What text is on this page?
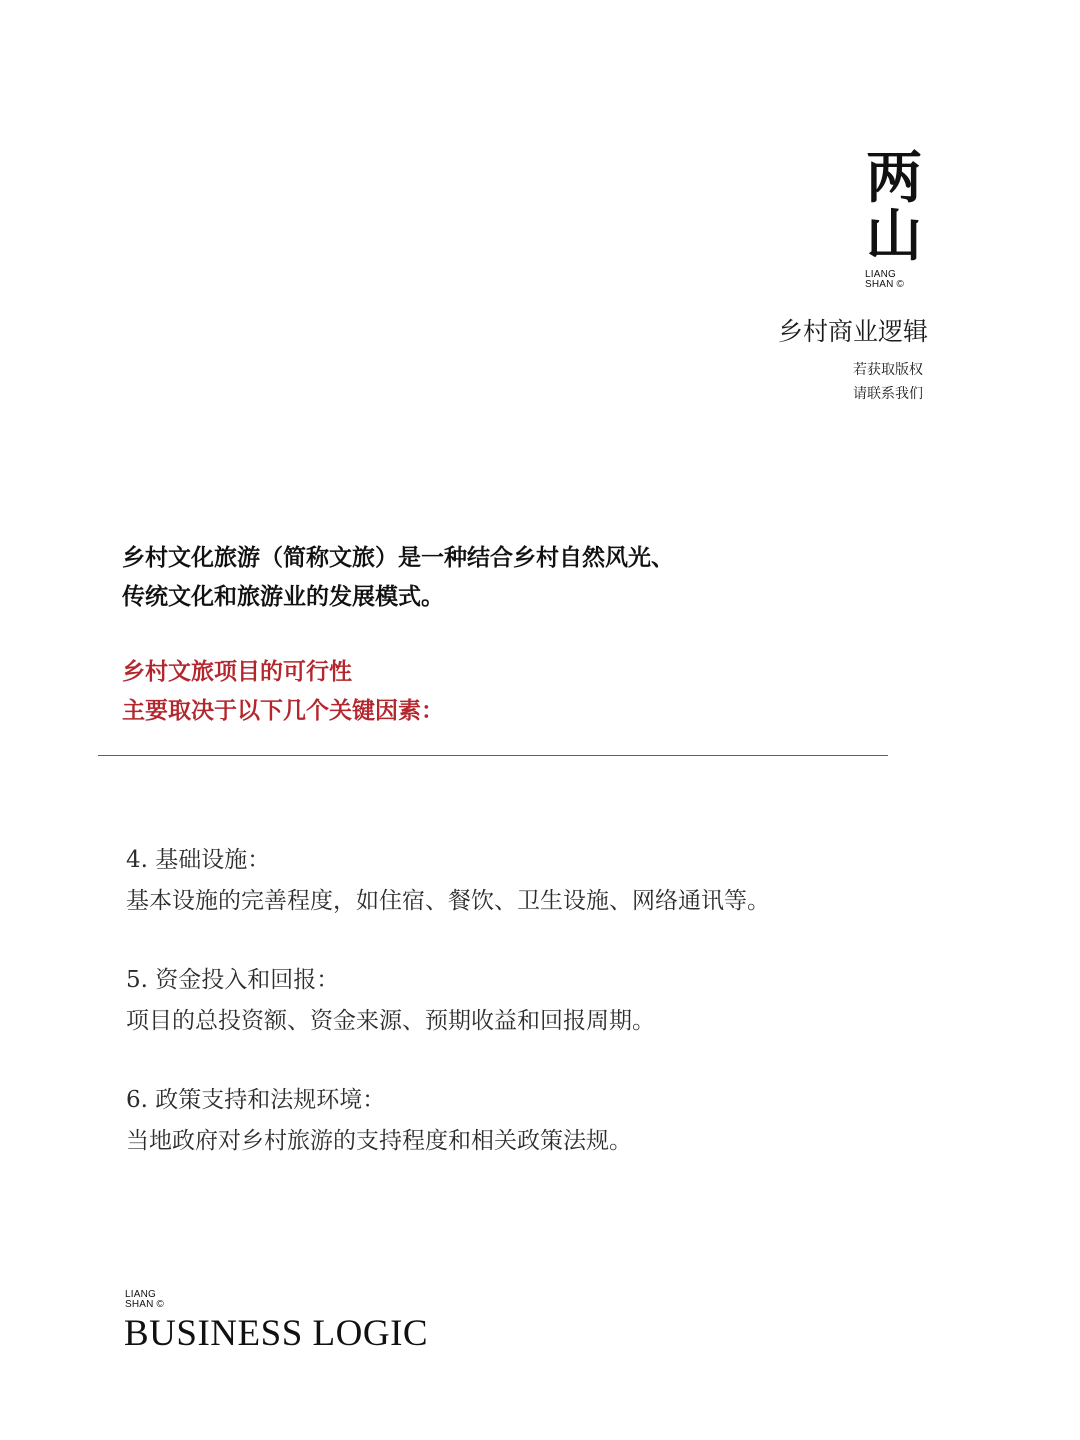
两
山
LIANG
SHAN ©
乡村商业逻辑
若获取版权
请联系我们
乡村文化旅游（简称文旅）是一种结合乡村自然风光、
传统文化和旅游业的发展模式。
乡村文旅项目的可行性
主要取决于以下几个关键因素：
4. 基础设施：
基本设施的完善程度，如住宿、餐饮、卫生设施、网络通讯等。
5. 资金投入和回报：
项目的总投资额、资金来源、预期收益和回报周期。
6. 政策支持和法规环境：
当地政府对乡村旅游的支持程度和相关政策法规。
LIANG
SHAN ©
BUSINESS LOGIC
